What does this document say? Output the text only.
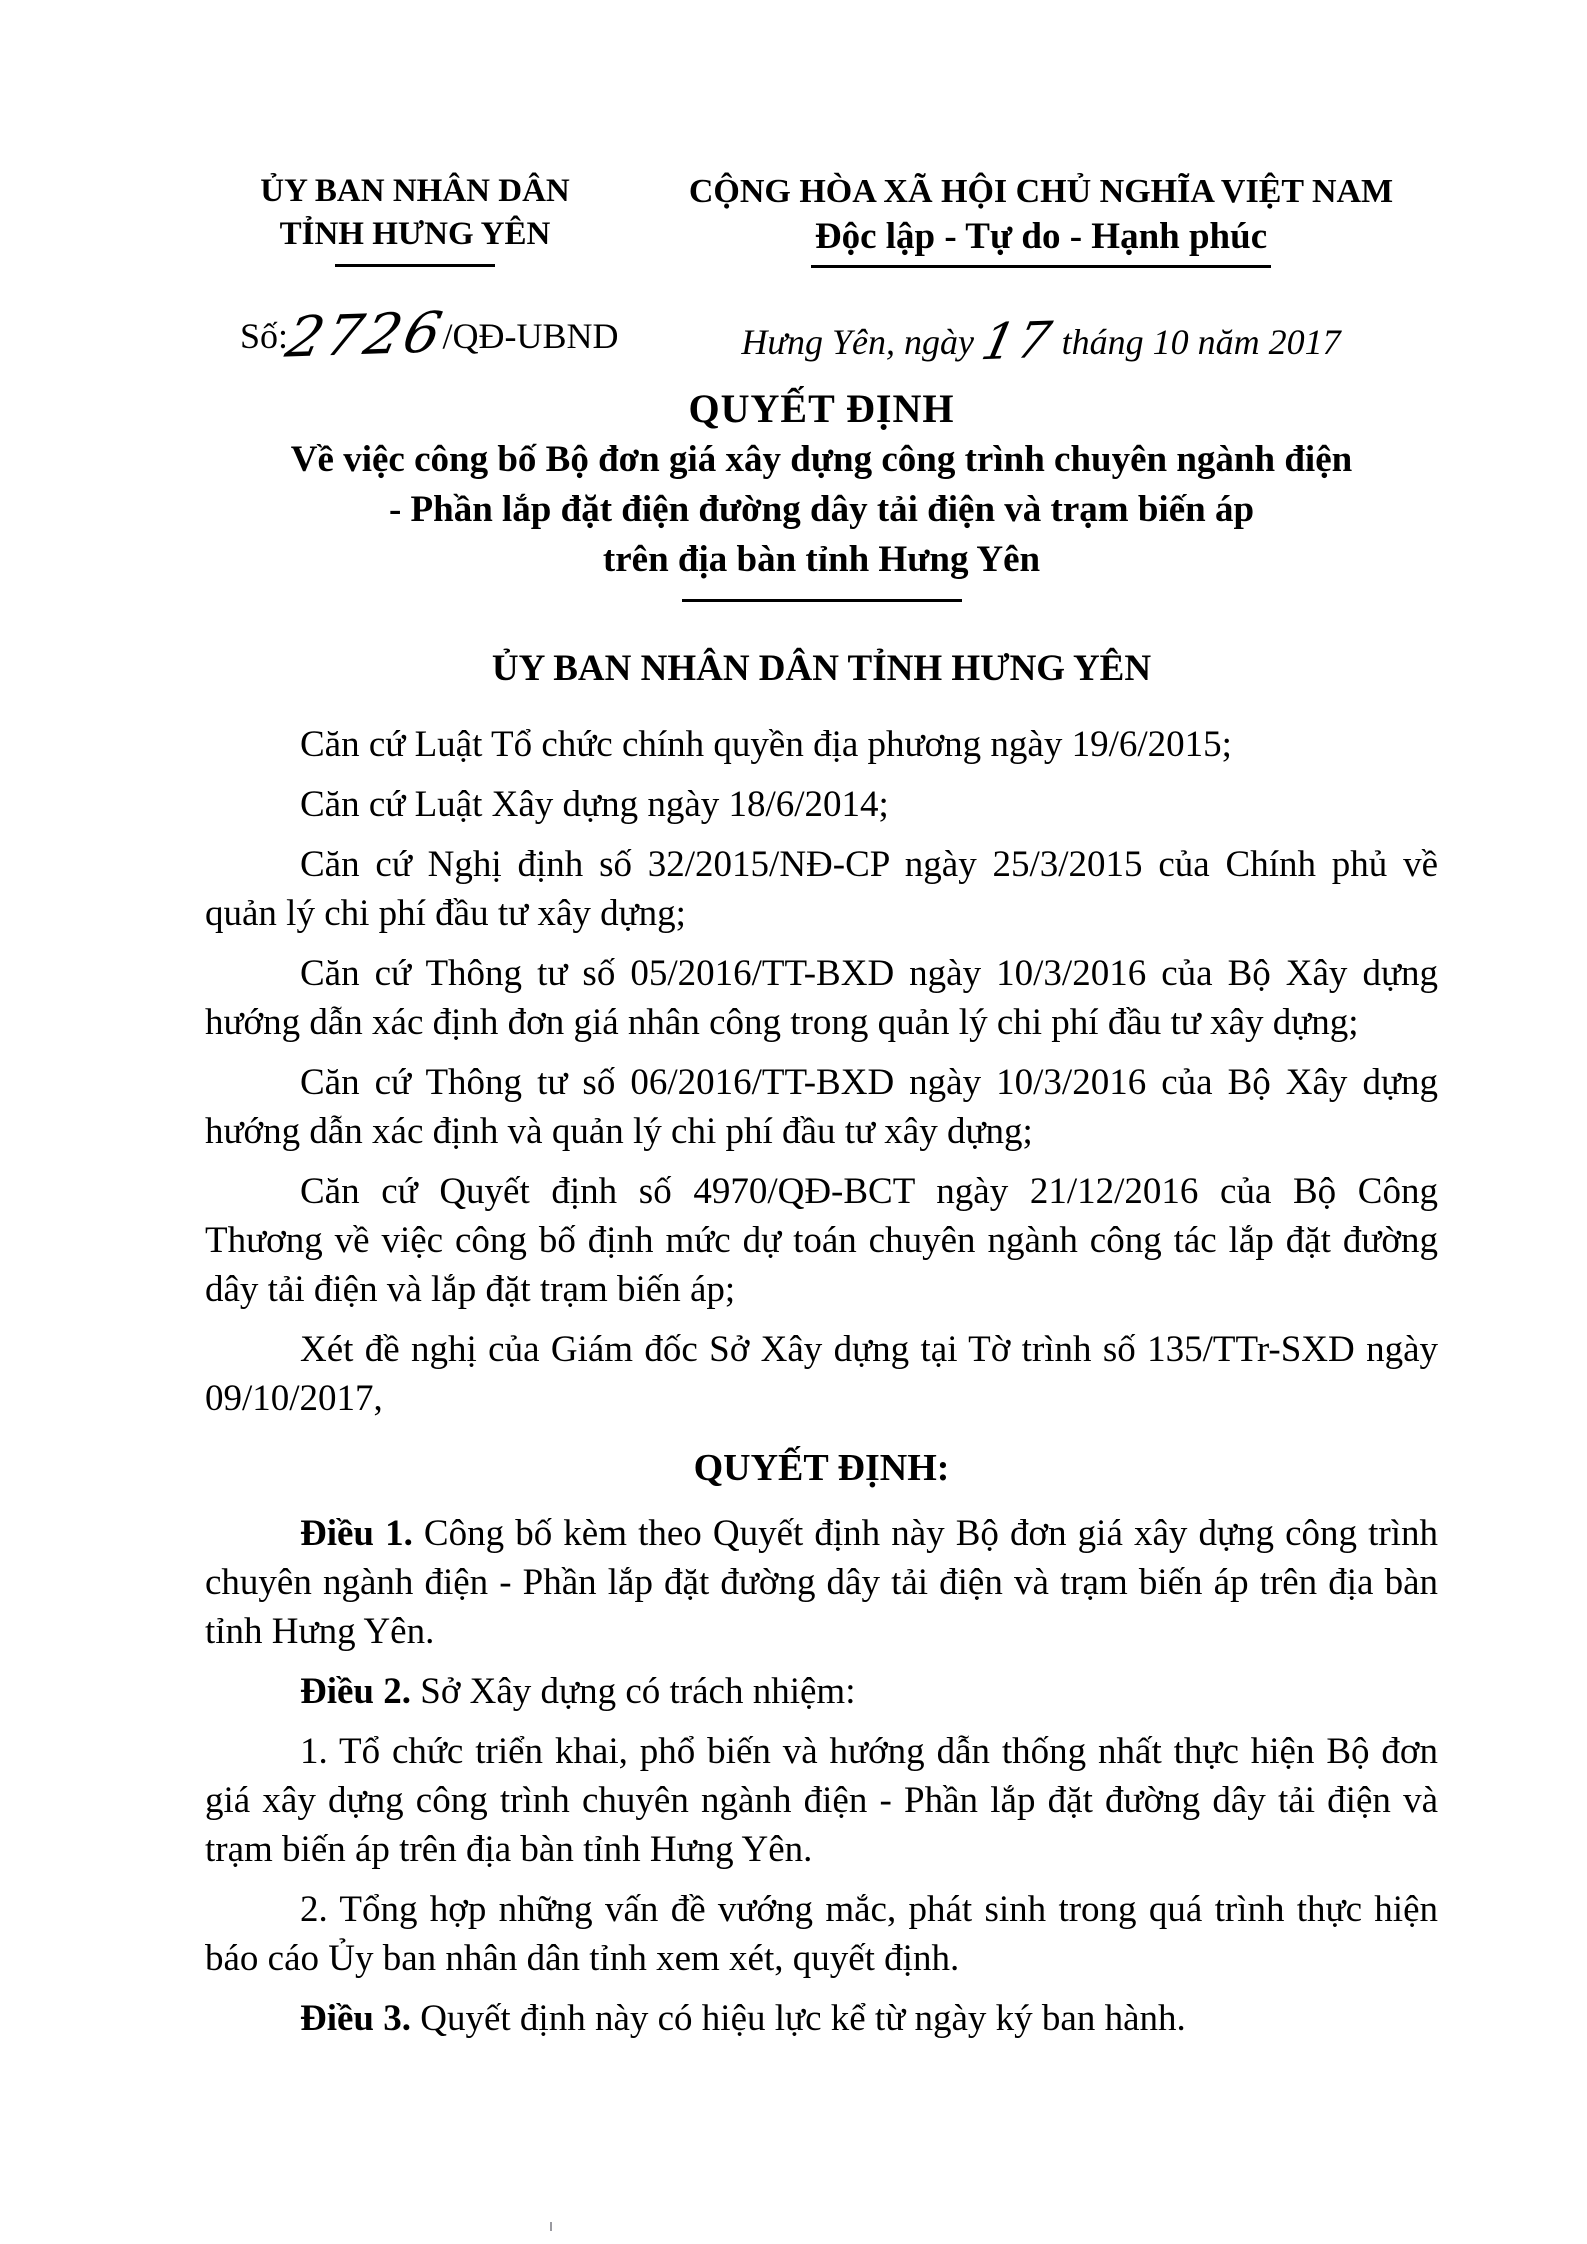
ỦY BAN NHÂN DÂN
TỈNH HƯNG YÊN
CỘNG HÒA XÃ HỘI CHỦ NGHĨA VIỆT NAM
Độc lập - Tự do - Hạnh phúc
Số:2726/QĐ-UBND	Hưng Yên, ngày 17 tháng 10 năm 2017
QUYẾT ĐỊNH
Về việc công bố Bộ đơn giá xây dựng công trình chuyên ngành điện
- Phần lắp đặt điện đường dây tải điện và trạm biến áp
trên địa bàn tỉnh Hưng Yên
ỦY BAN NHÂN DÂN TỈNH HƯNG YÊN

Căn cứ Luật Tổ chức chính quyền địa phương ngày 19/6/2015;

Căn cứ Luật Xây dựng ngày 18/6/2014;

Căn cứ Nghị định số 32/2015/NĐ-CP ngày 25/3/2015 của Chính phủ về quản lý chi phí đầu tư xây dựng;

Căn cứ Thông tư số 05/2016/TT-BXD ngày 10/3/2016 của Bộ Xây dựng hướng dẫn xác định đơn giá nhân công trong quản lý chi phí đầu tư xây dựng;

Căn cứ Thông tư số 06/2016/TT-BXD ngày 10/3/2016 của Bộ Xây dựng hướng dẫn xác định và quản lý chi phí đầu tư xây dựng;

Căn cứ Quyết định số 4970/QĐ-BCT ngày 21/12/2016 của Bộ Công Thương về việc công bố định mức dự toán chuyên ngành công tác lắp đặt đường dây tải điện và lắp đặt trạm biến áp;

Xét đề nghị của Giám đốc Sở Xây dựng tại Tờ trình số 135/TTr-SXD ngày 09/10/2017,

QUYẾT ĐỊNH:

Điều 1. Công bố kèm theo Quyết định này Bộ đơn giá xây dựng công trình chuyên ngành điện - Phần lắp đặt đường dây tải điện và trạm biến áp trên địa bàn tỉnh Hưng Yên.

Điều 2. Sở Xây dựng có trách nhiệm:

1. Tổ chức triển khai, phổ biến và hướng dẫn thống nhất thực hiện Bộ đơn giá xây dựng công trình chuyên ngành điện - Phần lắp đặt đường dây tải điện và trạm biến áp trên địa bàn tỉnh Hưng Yên.

2. Tổng hợp những vấn đề vướng mắc, phát sinh trong quá trình thực hiện báo cáo Ủy ban nhân dân tỉnh xem xét, quyết định.

Điều 3. Quyết định này có hiệu lực kể từ ngày ký ban hành.
